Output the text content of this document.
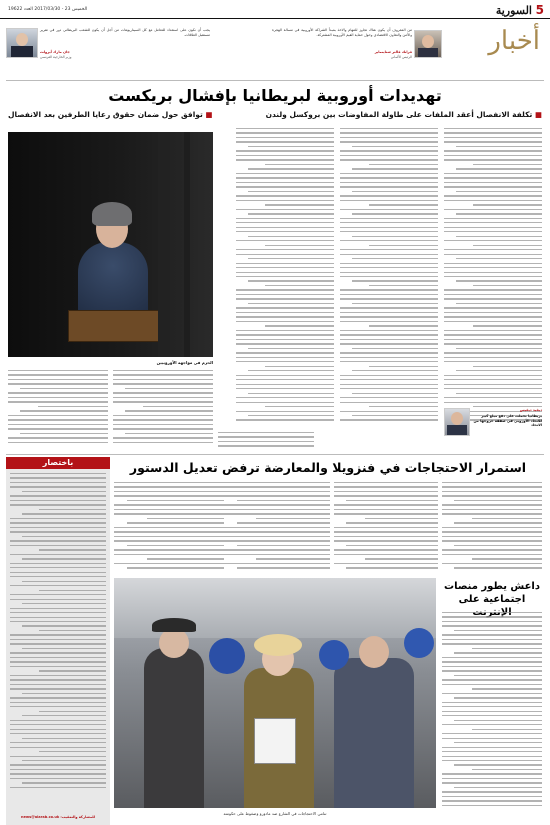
5
السورية
الخميس 23 - 2017/03/30 العدد 19622
أخبار
من المعروف أن يكون هناك تجاوز للمهام والاخذ بمبدأ الشراكة الأوروبية في مسالة الهجرة والأمن والتعاون الاقتصادي وحول حماية القيم الأوروبية المشتركة.
فرانك فالتر شتاينماير
الرئيس الألماني
يجب أن نكون على استعداد للتعامل مع كل السيناريوهات من أجل أن يكون للشعب البريطاني دور في تقرير مستقبل العلاقات.
جان مارك أيرولت
وزير الخارجية الفرنسي
تهديدات أوروبية لبريطانيا بإفشال بريكست
■ تكلفة الانفصال أعقد الملفات على طاولة المفاوضات بين بروكسل ولندن
■ توافق حول ضمان حقوق رعايا الطرفين بعد الانفصال
الحزم في مواجهة الأوروبيين
ديفيد ديفيس
بريطانيا تحملت على دفع مبلغ كبير للاتحاد الأوروبي في صفقة خروجها من الاتحاد
باختصار
للمشاركة والتعقيب: news@alarab.co.uk
استمرار الاحتجاجات في فنزويلا والمعارضة ترفض تعديل الدستور
داعش يطور منصات اجتماعية على
تنامي الاحتجاجات في الشارع ضد مادورو وضغوط على حكومته
